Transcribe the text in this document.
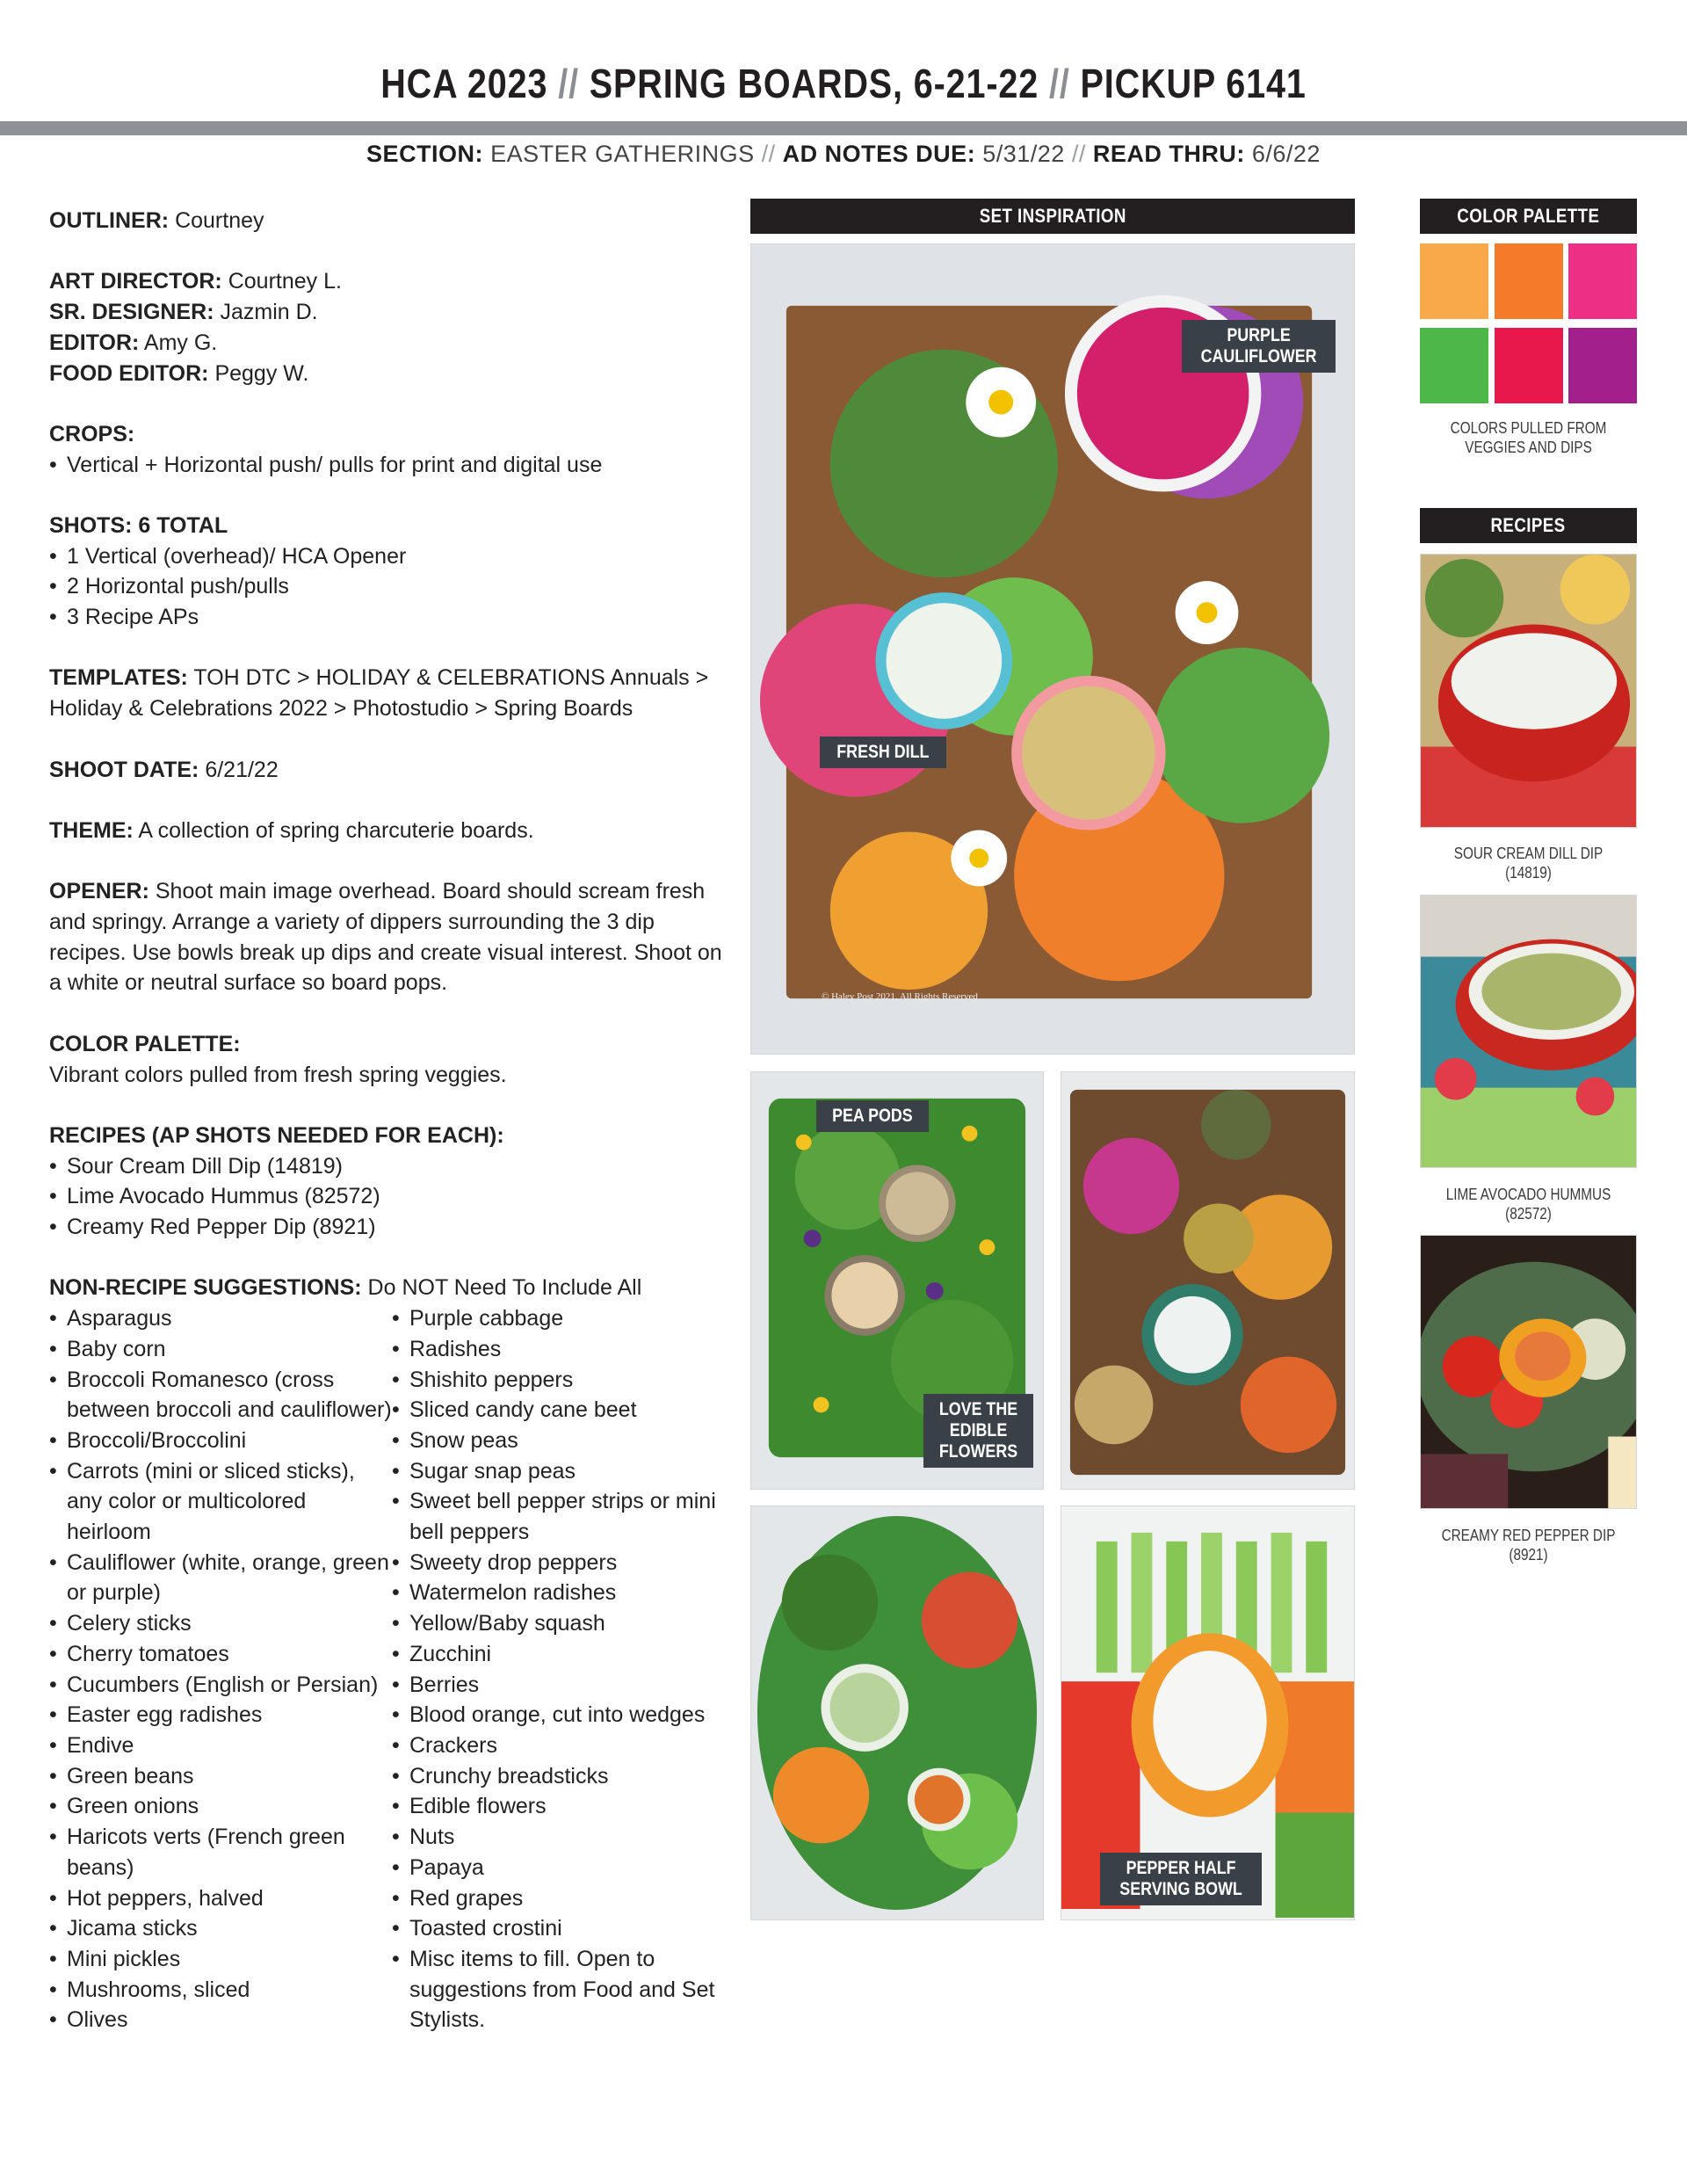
HCA 2023 // SPRING BOARDS, 6-21-22 // PICKUP 6141
SECTION: EASTER GATHERINGS // AD NOTES DUE: 5/31/22 // READ THRU: 6/6/22
OUTLINER: Courtney
ART DIRECTOR: Courtney L.
SR. DESIGNER: Jazmin D.
EDITOR: Amy G.
FOOD EDITOR: Peggy W.
CROPS:
• Vertical + Horizontal push/ pulls for print and digital use
SHOTS: 6 TOTAL
• 1 Vertical (overhead)/ HCA Opener
• 2 Horizontal push/pulls
• 3 Recipe APs
TEMPLATES: TOH DTC > HOLIDAY & CELEBRATIONS Annuals > Holiday & Celebrations 2022 > Photostudio > Spring Boards
SHOOT DATE: 6/21/22
THEME: A collection of spring charcuterie boards.
OPENER: Shoot main image overhead. Board should scream fresh and springy. Arrange a variety of dippers surrounding the 3 dip recipes. Use bowls break up dips and create visual interest. Shoot on a white or neutral surface so board pops.
COLOR PALETTE:
Vibrant colors pulled from fresh spring veggies.
RECIPES (AP SHOTS NEEDED FOR EACH):
• Sour Cream Dill Dip (14819)
• Lime Avocado Hummus (82572)
• Creamy Red Pepper Dip (8921)
NON-RECIPE SUGGESTIONS: Do NOT Need To Include All
• Asparagus
• Baby corn
• Broccoli Romanesco (cross between broccoli and cauliflower)
• Broccoli/Broccolini
• Carrots (mini or sliced sticks), any color or multicolored heirloom
• Cauliflower (white, orange, green or purple)
• Celery sticks
• Cherry tomatoes
• Cucumbers (English or Persian)
• Easter egg radishes
• Endive
• Green beans
• Green onions
• Haricots verts (French green beans)
• Hot peppers, halved
• Jicama sticks
• Mini pickles
• Mushrooms, sliced
• Olives
• Purple cabbage
• Radishes
• Shishito peppers
• Sliced candy cane beet
• Snow peas
• Sugar snap peas
• Sweet bell pepper strips or mini bell peppers
• Sweety drop peppers
• Watermelon radishes
• Yellow/Baby squash
• Zucchini
• Berries
• Blood orange, cut into wedges
• Crackers
• Crunchy breadsticks
• Edible flowers
• Nuts
• Papaya
• Red grapes
• Toasted crostini
• Misc items to fill. Open to suggestions from Food and Set Stylists.
SET INSPIRATION
PURPLE
CAULIFLOWER
FRESH DILL
© Haley Post 2021. All Rights Reserved
PEA PODS
LOVE THE
EDIBLE
FLOWERS
PEPPER HALF
SERVING BOWL
COLOR PALETTE
COLORS PULLED FROM
VEGGIES AND DIPS
RECIPES
SOUR CREAM DILL DIP (14819)
LIME AVOCADO HUMMUS (82572)
CREAMY RED PEPPER DIP (8921)
